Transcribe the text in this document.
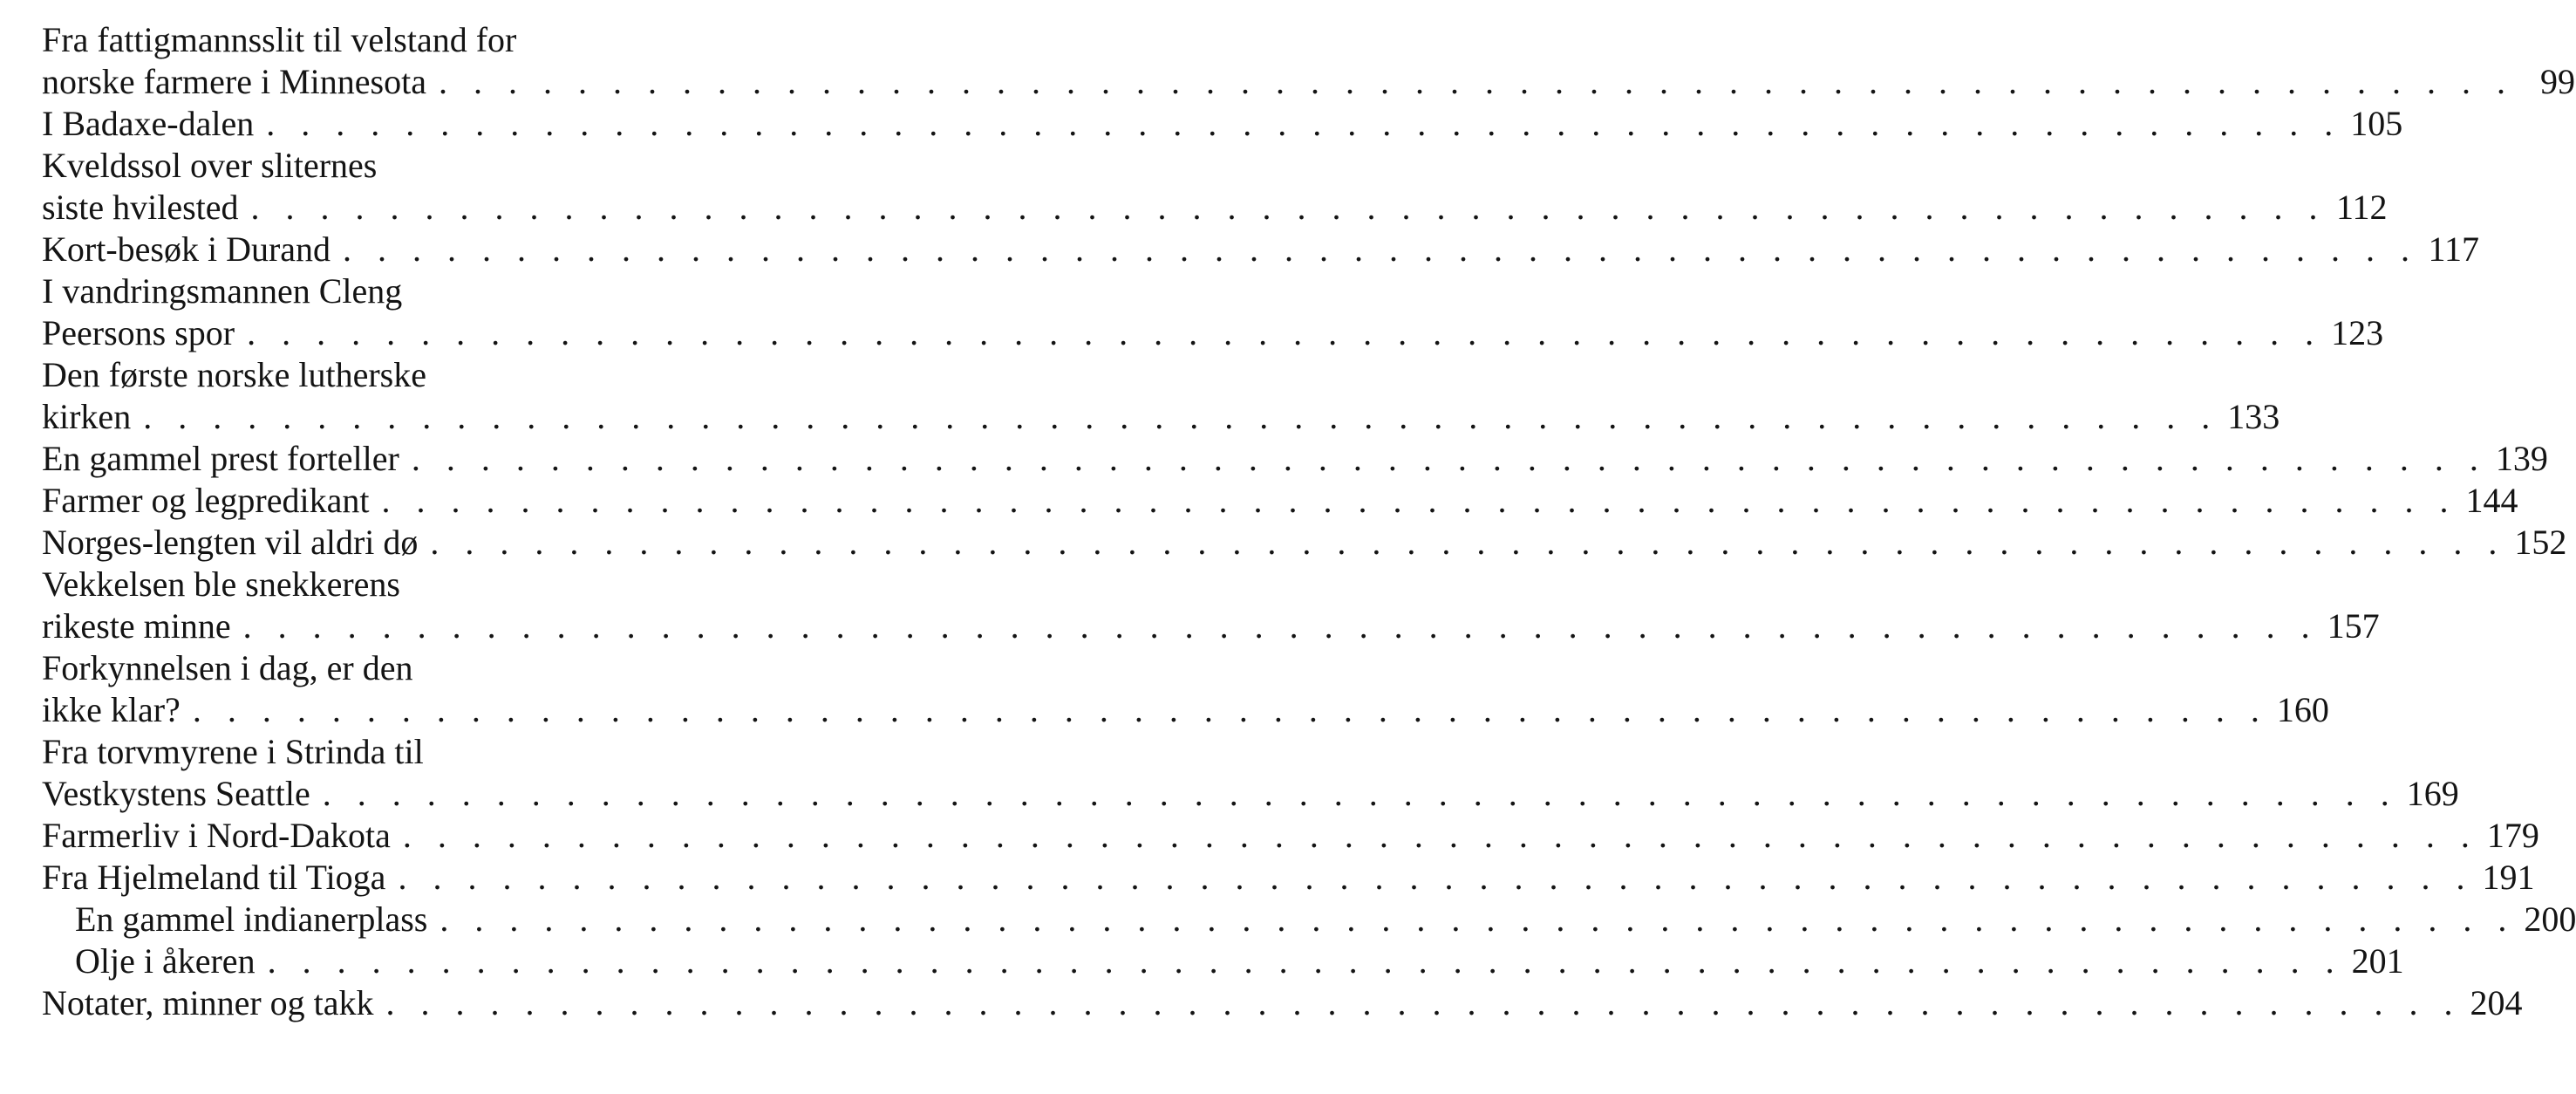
Fra fattigmannsslit til velstand for
norske farmere i Minnesota . . . . . . . . . . . . . . . . . . . . . . . . . . . . . . . . . . . . . . . . . . . . . . . . . . . . . . . . . . . . 99
I Badaxe-dalen . . . . . . . . . . . . . . . . . . . . . . . . . . . . . . . . . . . . . . . . . . . . . . . . . . . . . . . . . . . . 105
Kveldssol over sliternes
siste hvilested . . . . . . . . . . . . . . . . . . . . . . . . . . . . . . . . . . . . . . . . . . . . . . . . . . . . . . . . . . . . 112
Kort-besøk i Durand . . . . . . . . . . . . . . . . . . . . . . . . . . . . . . . . . . . . . . . . . . . . . . . . . . . . . . . . . . . . 117
I vandringsmannen Cleng
Peersons spor . . . . . . . . . . . . . . . . . . . . . . . . . . . . . . . . . . . . . . . . . . . . . . . . . . . . . . . . . . . . 123
Den første norske lutherske
kirken . . . . . . . . . . . . . . . . . . . . . . . . . . . . . . . . . . . . . . . . . . . . . . . . . . . . . . . . . . . . 133
En gammel prest forteller . . . . . . . . . . . . . . . . . . . . . . . . . . . . . . . . . . . . . . . . . . . . . . . . . . . . . . . . . . . . 139
Farmer og legpredikant . . . . . . . . . . . . . . . . . . . . . . . . . . . . . . . . . . . . . . . . . . . . . . . . . . . . . . . . . . . . 144
Norges-lengten vil aldri dø . . . . . . . . . . . . . . . . . . . . . . . . . . . . . . . . . . . . . . . . . . . . . . . . . . . . . . . . . . . . 152
Vekkelsen ble snekkerens
rikeste minne . . . . . . . . . . . . . . . . . . . . . . . . . . . . . . . . . . . . . . . . . . . . . . . . . . . . . . . . . . . . 157
Forkynnelsen i dag, er den
ikke klar? . . . . . . . . . . . . . . . . . . . . . . . . . . . . . . . . . . . . . . . . . . . . . . . . . . . . . . . . . . . . 160
Fra torvmyrene i Strinda til
Vestkystens Seattle . . . . . . . . . . . . . . . . . . . . . . . . . . . . . . . . . . . . . . . . . . . . . . . . . . . . . . . . . . . . 169
Farmerliv i Nord-Dakota . . . . . . . . . . . . . . . . . . . . . . . . . . . . . . . . . . . . . . . . . . . . . . . . . . . . . . . . . . . . 179
Fra Hjelmeland til Tioga . . . . . . . . . . . . . . . . . . . . . . . . . . . . . . . . . . . . . . . . . . . . . . . . . . . . . . . . . . . . 191
En gammel indianerplass . . . . . . . . . . . . . . . . . . . . . . . . . . . . . . . . . . . . . . . . . . . . . . . . . . . . . . . . . . . . 200
Olje i åkeren . . . . . . . . . . . . . . . . . . . . . . . . . . . . . . . . . . . . . . . . . . . . . . . . . . . . . . . . . . . . 201
Notater, minner og takk . . . . . . . . . . . . . . . . . . . . . . . . . . . . . . . . . . . . . . . . . . . . . . . . . . . . . . . . . . . . 204
